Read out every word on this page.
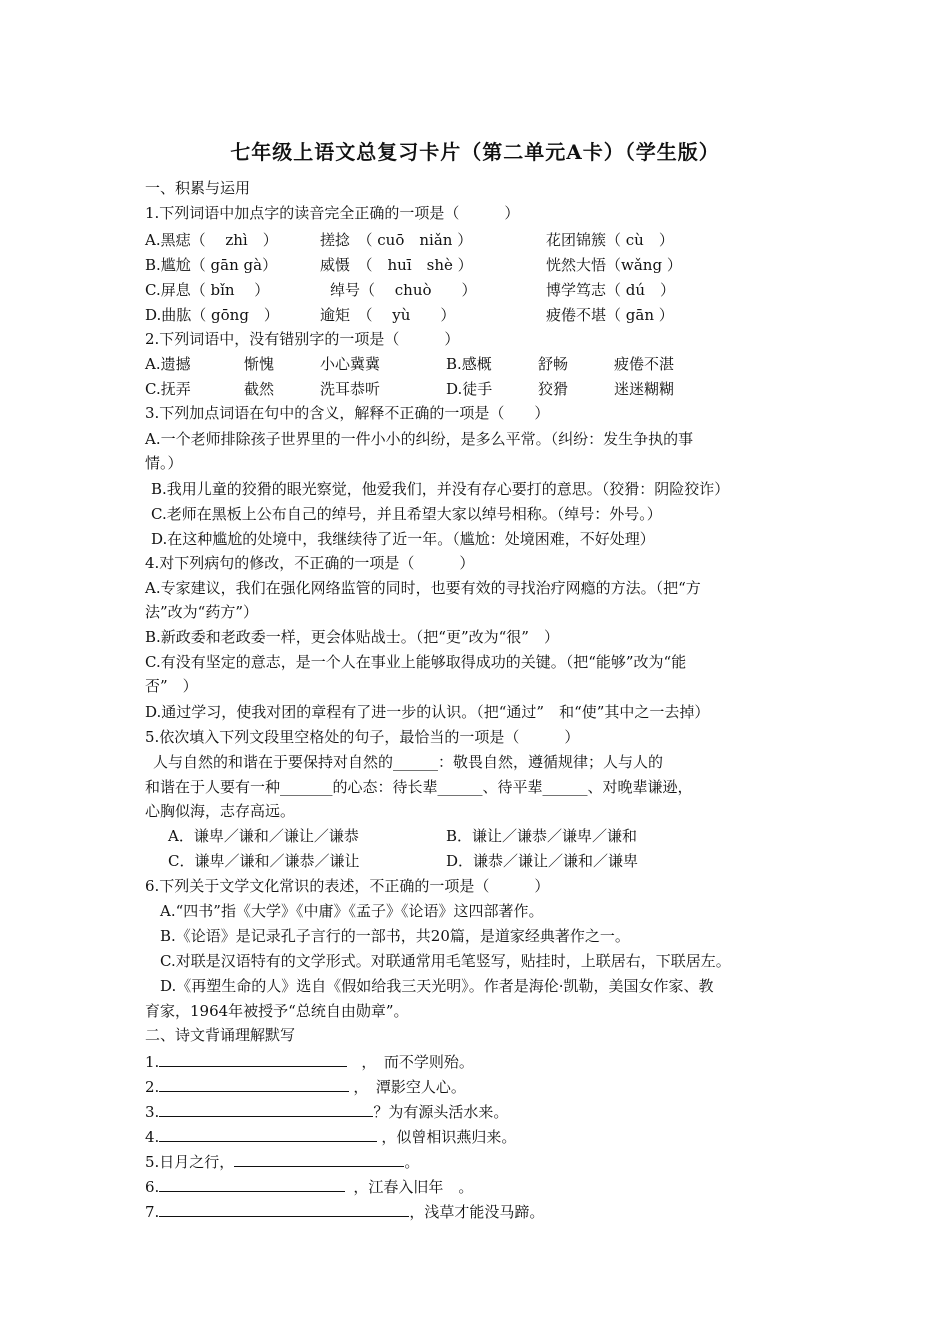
七年级上语文总复习卡片（第二单元A卡）（学生版）
一、积累与运用
1.下列词语中加点字的读音完全正确的一项是（　　　）
A.黑痣（　 zhì　）	搓捻　（ cuō　niǎn ）	花团锦簇（ cù　）
B.尴尬（ gān gà）	威慑　（　huī　shè ）	恍然大悟（wǎng ）
C.屏息（ bǐn　 ）	绰号（　 chuò　　）	博学笃志（ dú　）
D.曲肱（ gōng　）	逾矩　（　 yù　　）	疲倦不堪（ gān ）
2.下列词语中，没有错别字的一项是（　　　）
A.遗撼	惭愧	小心冀冀	B.感概	舒畅	疲倦不湛
C.抚弄	截然	洗耳恭听	D.徒手	狡猾	迷迷糊糊
3.下列加点词语在句中的含义，解释不正确的一项是（　　）
A.一个老师排除孩子世界里的一件小小的纠纷，是多么平常。（纠纷：发生争执的事
情。）
B.我用儿童的狡猾的眼光察觉，他爱我们，并没有存心要打的意思。（狡猾：阴险狡诈）
C.老师在黑板上公布自己的绰号，并且希望大家以绰号相称。（绰号：外号。）
D.在这种尴尬的处境中，我继续待了近一年。（尴尬：处境困难，不好处理）
4.对下列病句的修改，不正确的一项是（　　　）
A.专家建议，我们在强化网络监管的同时，也要有效的寻找治疗网瘾的方法。（把“方
法”改为“药方”）
B.新政委和老政委一样，更会体贴战士。（把“更”改为“很”　）
C.有没有坚定的意志，是一个人在事业上能够取得成功的关键。（把“能够”改为“能
否”　）
D.通过学习，使我对团的章程有了进一步的认识。（把“通过”　和“使”其中之一去掉）
5.依次填入下列文段里空格处的句子，最恰当的一项是（　　　）
人与自然的和谐在于要保持对自然的______：敬畏自然，遵循规律；人与人的
和谐在于人要有一种_______的心态：待长辈______、待平辈______、对晚辈谦逊，
心胸似海，志存高远。
A．谦卑／谦和／谦让／谦恭	B．谦让／谦恭／谦卑／谦和
C．谦卑／谦和／谦恭／谦让	D．谦恭／谦让／谦和／谦卑
6.下列关于文学文化常识的表述，不正确的一项是（　　　）
A.“四书”指《大学》《中庸》《孟子》《论语》这四部著作。
B.《论语》是记录孔子言行的一部书，共20篇，是道家经典著作之一。
C.对联是汉语特有的文学形式。对联通常用毛笔竖写，贴挂时，上联居右，下联居左。
D.《再塑生命的人》选自《假如给我三天光明》。作者是海伦·凯勒，美国女作家、教
育家，1964年被授予“总统自由勋章”。
二、诗文背诵理解默写
1.	，　而不学则殆。
2.	，　潭影空人心。
3.	？为有源头活水来。
4.	，似曾相识燕归来。
5.日月之行，	。
6.	，江春入旧年　。
7.	，浅草才能没马蹄。
